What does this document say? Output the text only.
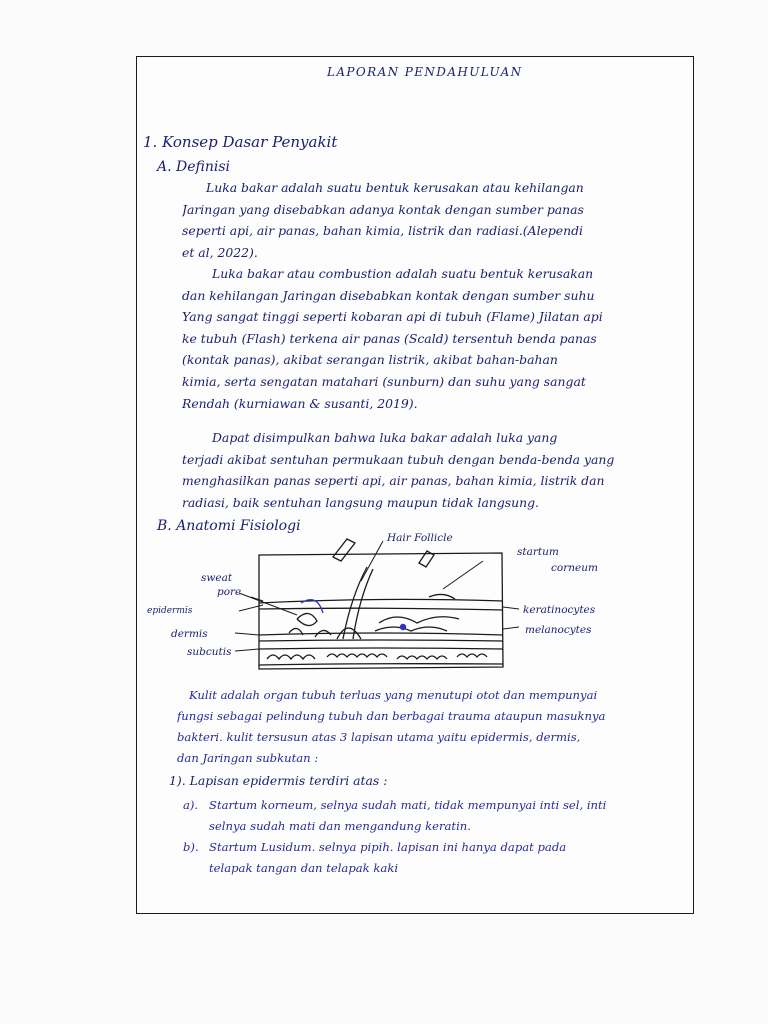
LAPORAN PENDAHULUAN

1. Konsep Dasar Penyakit

A. Definisi

Luka bakar adalah suatu bentuk kerusakan atau kehilangan
Jaringan yang disebabkan adanya kontak dengan sumber panas
seperti api, air panas, bahan kimia, listrik dan radiasi.(Alependi
et al, 2022).
Luka bakar atau combustion adalah suatu bentuk kerusakan
dan kehilangan Jaringan disebabkan kontak dengan sumber suhu
Yang sangat tinggi seperti kobaran api di tubuh (Flame) Jilatan api
ke tubuh (Flash) terkena air panas (Scald) tersentuh benda panas
(kontak panas), akibat serangan listrik, akibat bahan-bahan
kimia, serta sengatan matahari (sunburn) dan suhu yang sangat
Rendah (kurniawan & susanti, 2019).
Dapat disimpulkan bahwa luka bakar adalah luka yang
terjadi akibat sentuhan permukaan tubuh dengan benda-benda yang
menghasilkan panas seperti api, air panas, bahan kimia, listrik dan
radiasi, baik sentuhan langsung maupun tidak langsung.

B. Anatomi Fisiologi

Hair Follicle
startum
corneum
sweat
pore
epidermis
dermis
subcutis
keratinocytes
melanocytes
Kulit adalah organ tubuh terluas yang menutupi otot dan mempunyai
fungsi sebagai pelindung tubuh dan berbagai trauma ataupun masuknya
bakteri. kulit tersusun atas 3 lapisan utama yaitu epidermis, dermis,
dan Jaringan subkutan :

1). Lapisan epidermis terdiri atas :

a). Startum korneum, selnya sudah mati, tidak mempunyai inti sel, inti
selnya sudah mati dan mengandung keratin.

b). Startum Lusidum. selnya pipih. lapisan ini hanya dapat pada
telapak tangan dan telapak kaki
